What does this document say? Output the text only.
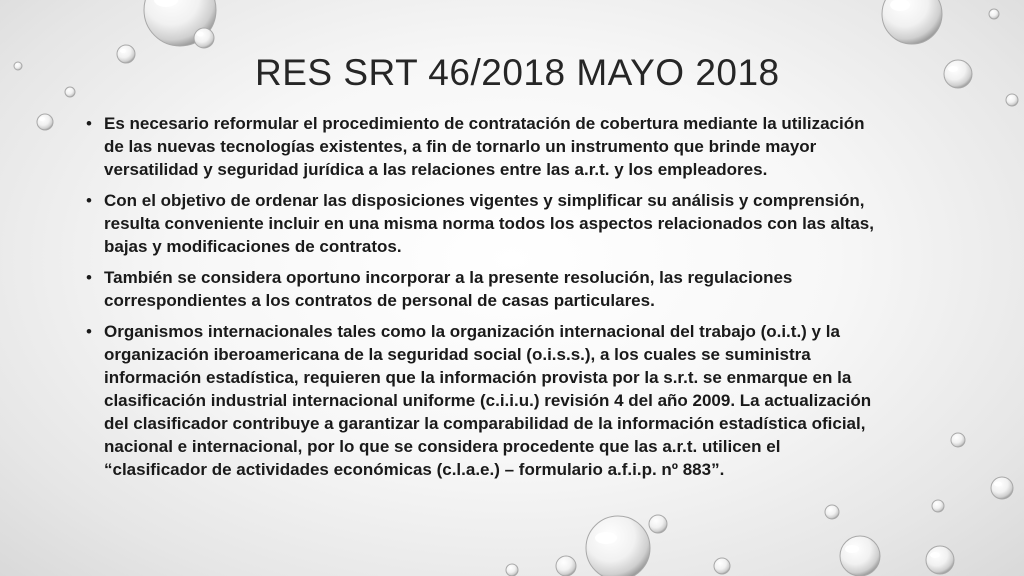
RES SRT 46/2018 MAYO 2018
• Es necesario reformular el procedimiento de contratación de cobertura mediante la utilización de las nuevas tecnologías existentes, a fin de tornarlo un instrumento que brinde mayor versatilidad y seguridad jurídica a las relaciones entre las a.r.t. y los empleadores.
• Con el objetivo de ordenar las disposiciones vigentes y simplificar su análisis y comprensión, resulta conveniente incluir en una misma norma todos los aspectos relacionados con las altas, bajas y modificaciones de contratos.
• También se considera oportuno incorporar a la presente resolución, las regulaciones correspondientes a los contratos de personal de casas particulares.
• Organismos internacionales tales como la organización internacional del trabajo (o.i.t.) y la organización iberoamericana de la seguridad social (o.i.s.s.), a los cuales se suministra información estadística, requieren que la información provista por la s.r.t. se enmarque en la clasificación industrial internacional uniforme (c.i.i.u.) revisión 4 del año 2009. La actualización del clasificador contribuye a garantizar la comparabilidad de la información estadística oficial, nacional e internacional, por lo que se considera procedente que las a.r.t. utilicen el “clasificador de actividades económicas (c.l.a.e.) – formulario a.f.i.p. nº 883”.
